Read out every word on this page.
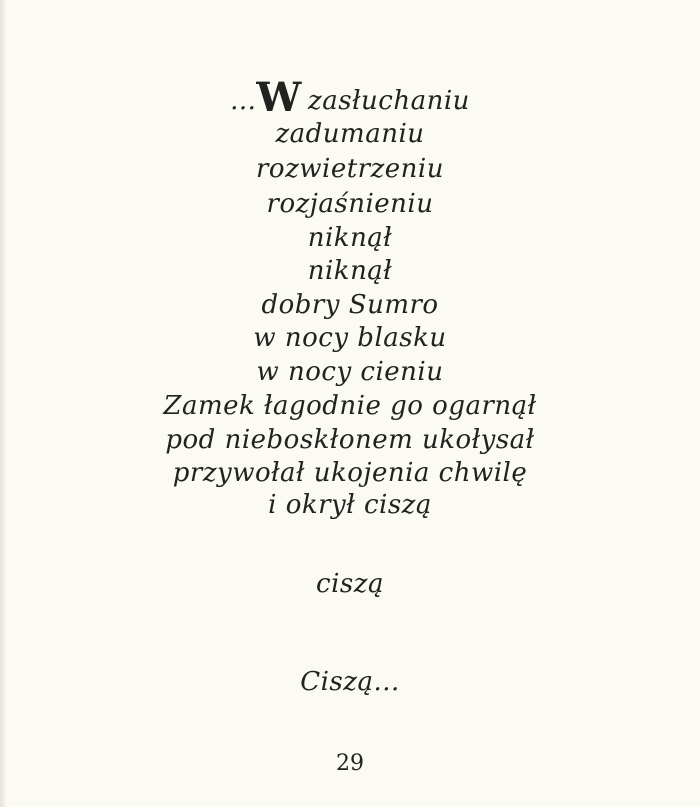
...W zasłuchaniu
zadumaniu
rozwietrzeniu
rozjaśnieniu
niknął
niknął
dobry Sumro
w nocy blasku
w nocy cieniu
Zamek łagodnie go ogarnął
pod nieboskłonem ukołysał
przywołał ukojenia chwilę
i okrył ciszą
ciszą
Ciszą...
29
